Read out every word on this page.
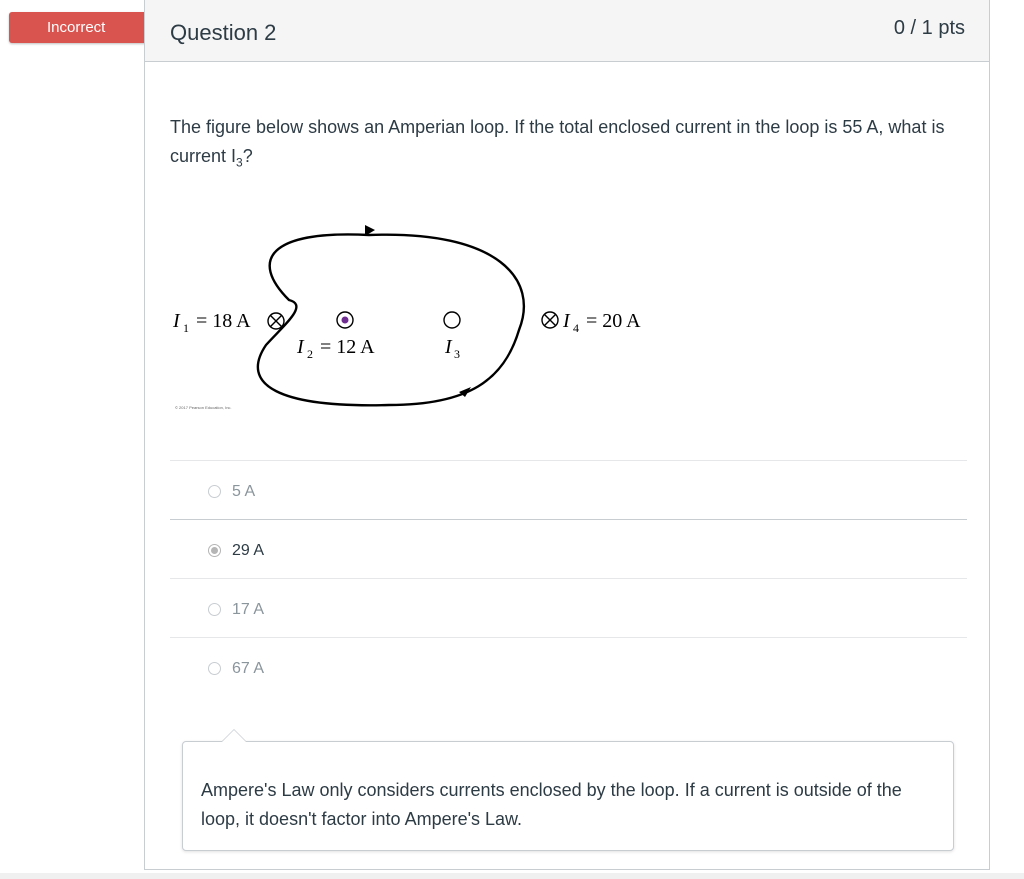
Incorrect	Question 2	0 / 1 pts
The figure below shows an Amperian loop. If the total enclosed current in the loop is 55 A, what is current $I_3$?
I 1 = 18 A
I 2 = 12 A	I 3
I 4 = 20 A
© 2017 Pearson Education, Inc.
5 A
29 A
17 A
67 A
Ampere's Law only considers currents enclosed by the loop. If a current is outside of the loop, it doesn't factor into Ampere's Law.
